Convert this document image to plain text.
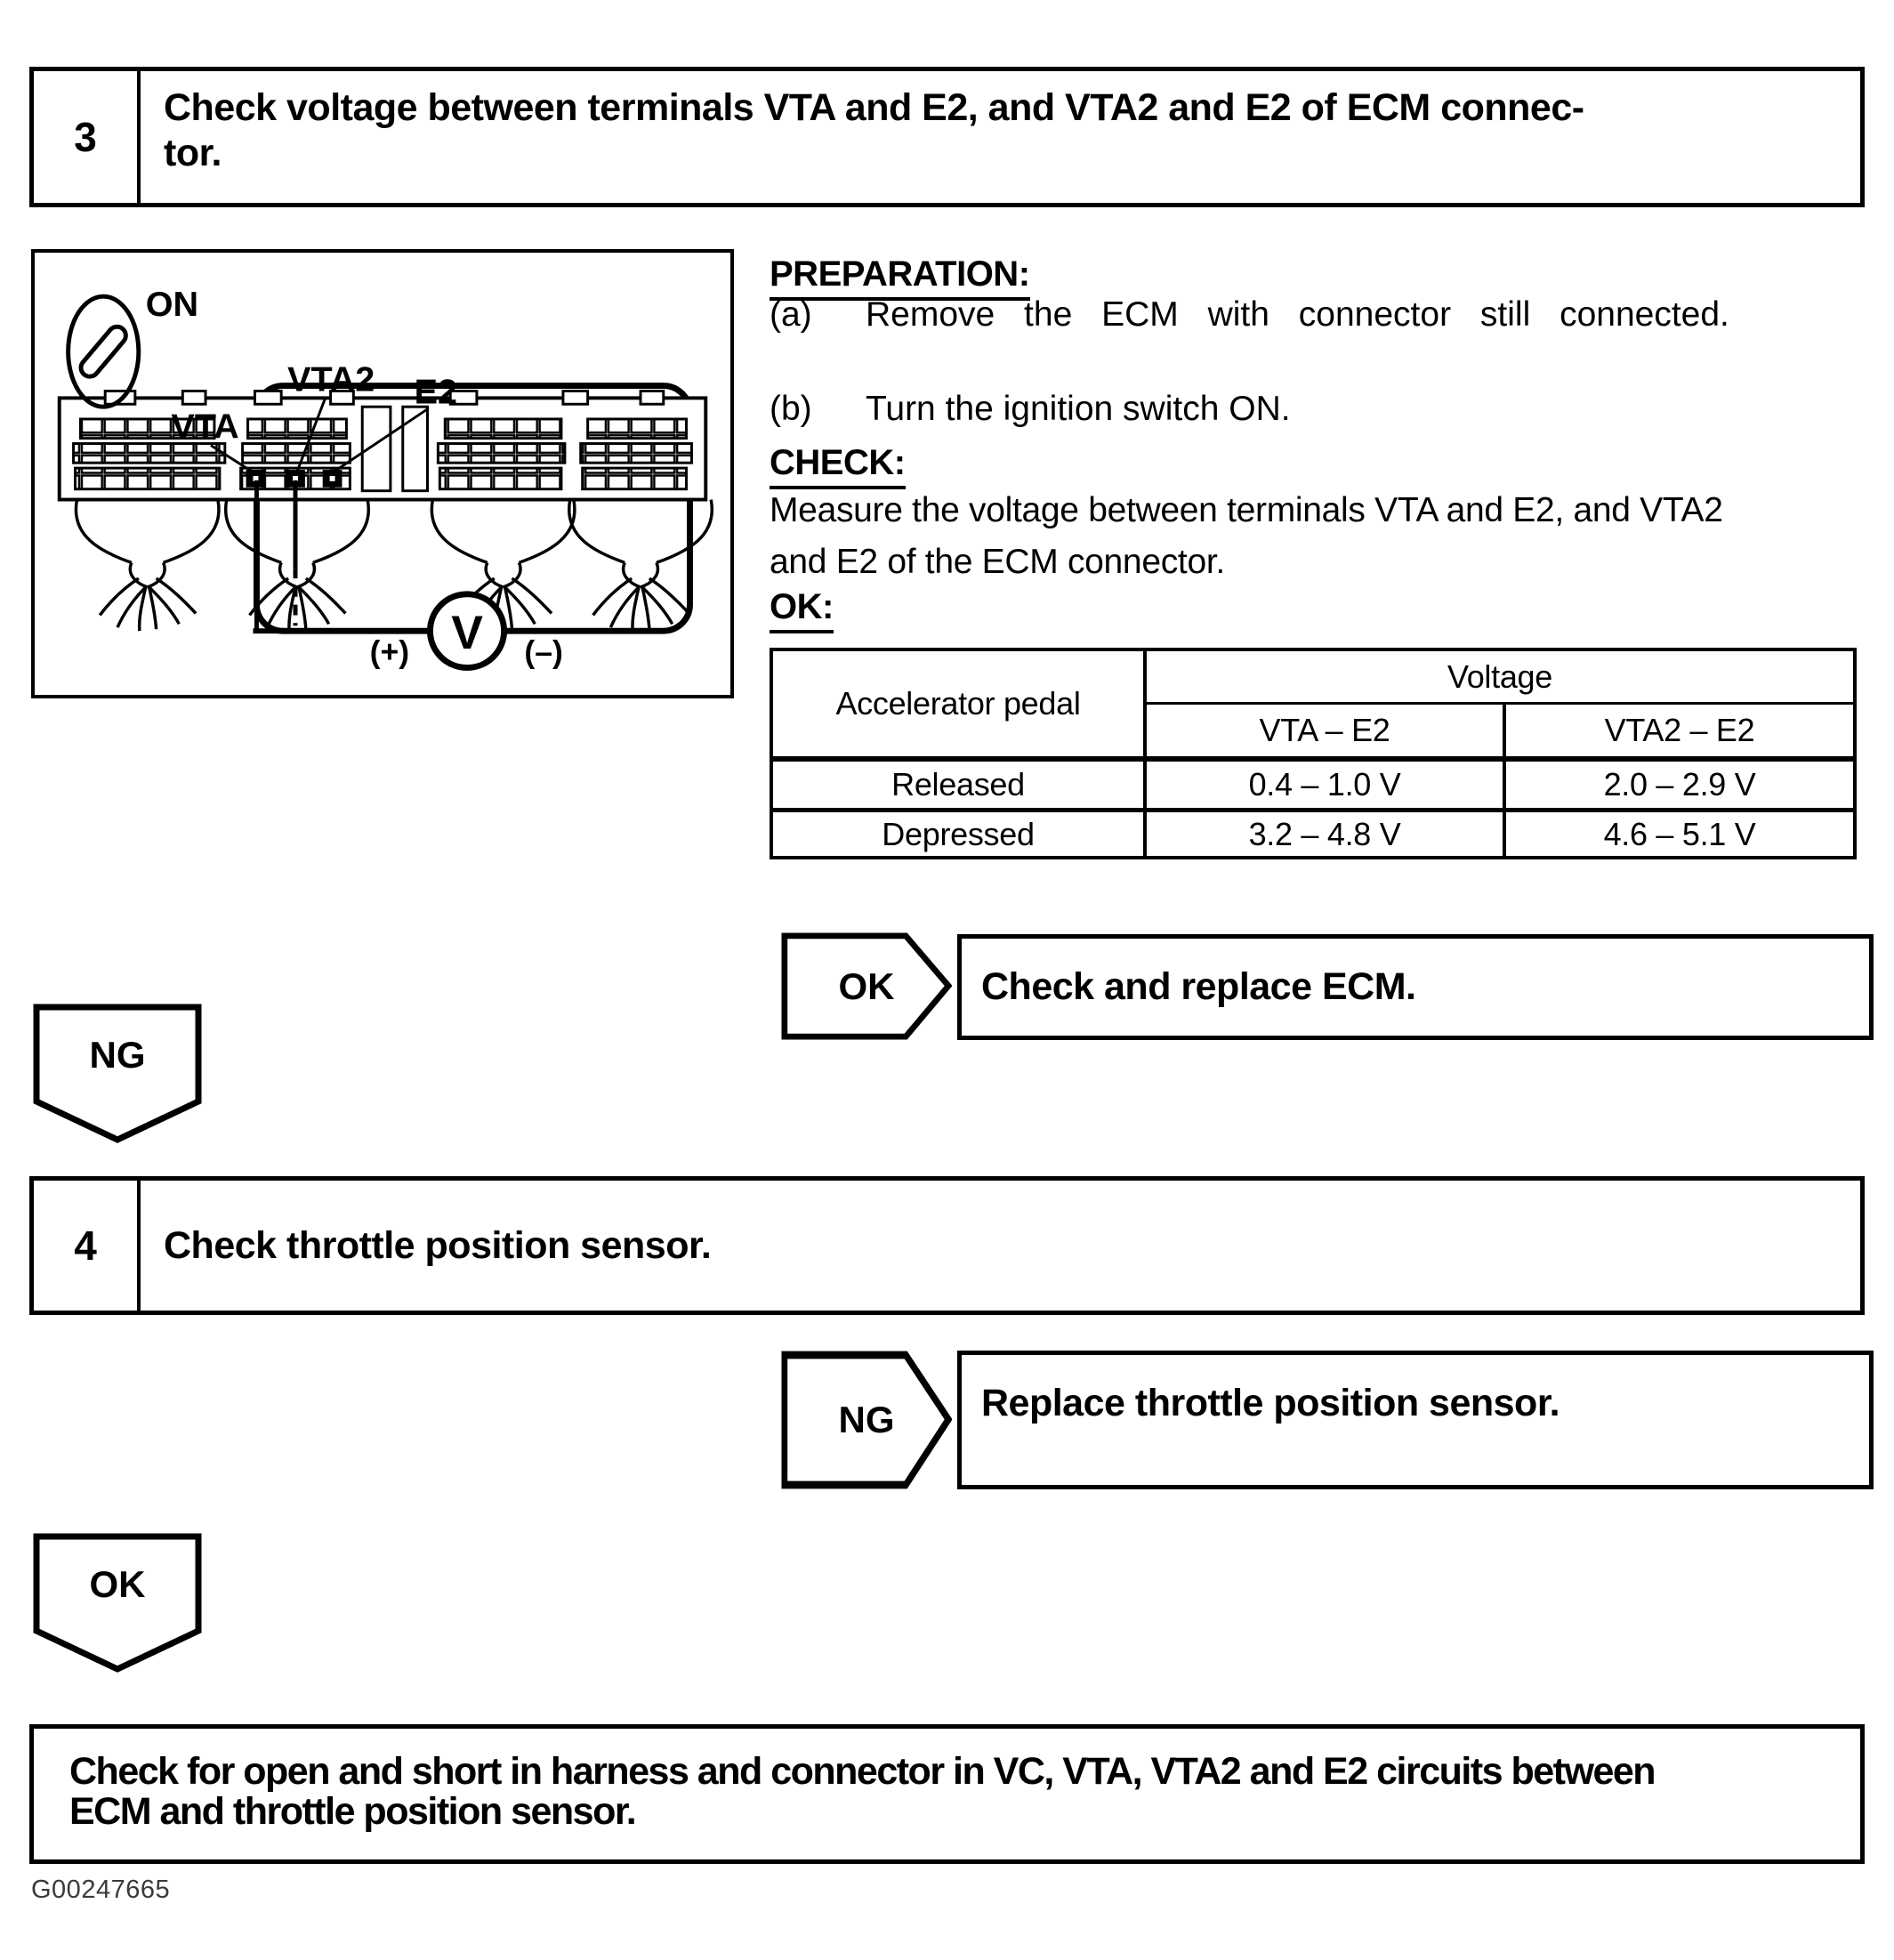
3
Check voltage between terminals VTA and E2, and VTA2 and E2 of ECM connec-
tor.
V
(+)	(–)
ON
VTA
VTA2 E2
PREPARATION:
(a)	Remove the ECM with connector still connected.
(b)	Turn the ignition switch ON.
CHECK:
Measure the voltage between terminals VTA and E2, and VTA2
and E2 of the ECM connector.
OK:
Accelerator pedal
Voltage
VTA – E2	VTA2 – E2
Released	0.4 – 1.0 V	2.0 – 2.9 V
Depressed	3.2 – 4.8 V	4.6 – 5.1 V
OK	Check and replace ECM.
NG
4	Check throttle position sensor.
NG	Replace throttle position sensor.
OK
Check for open and short in harness and connector in VC, VTA, VTA2 and E2 circuits between
ECM and throttle position sensor.
G00247665
